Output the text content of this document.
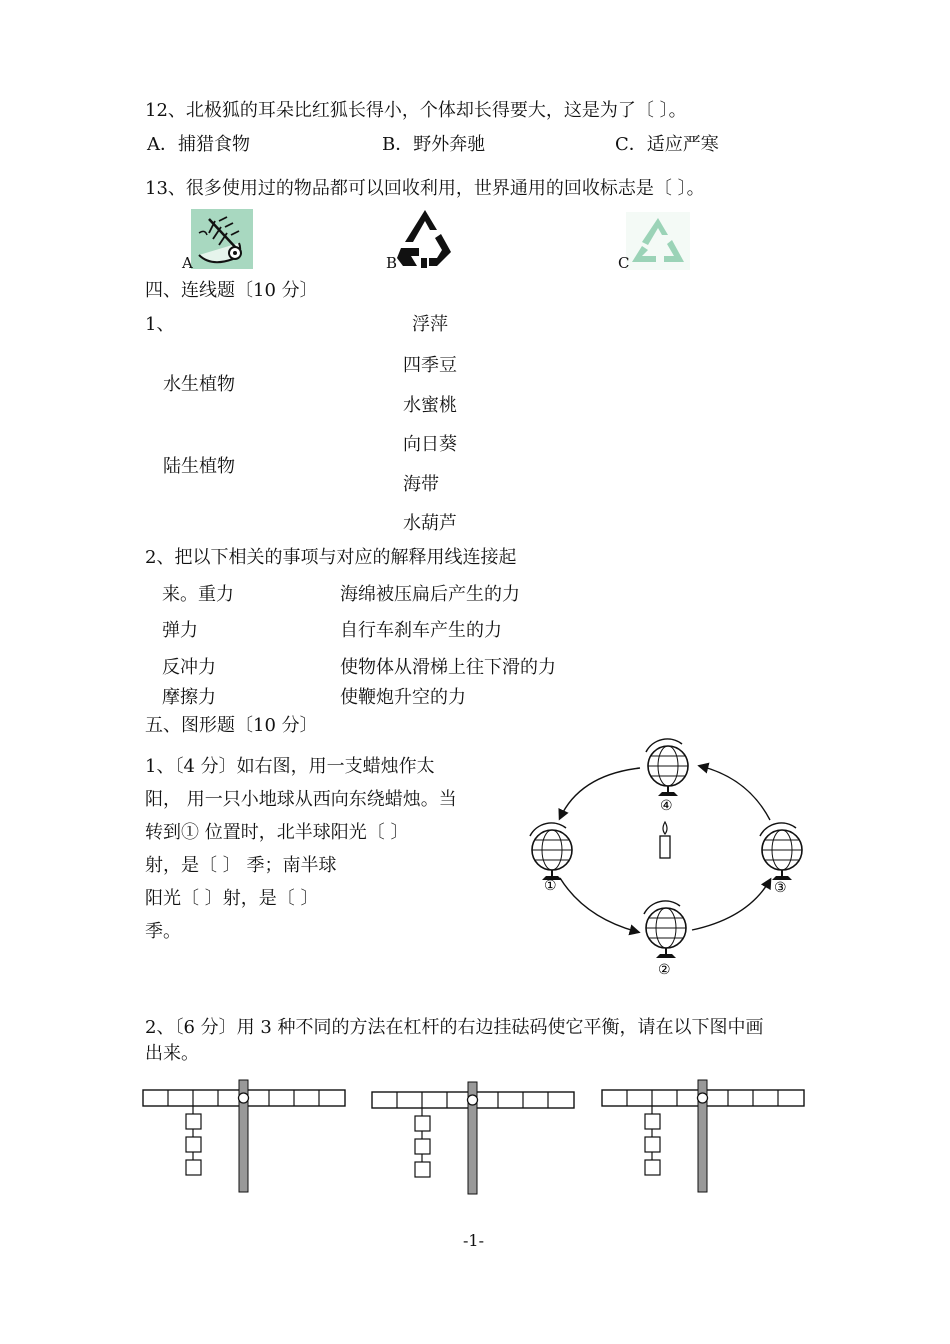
12、北极狐的耳朵比红狐长得小，个体却长得要大，这是为了〔 〕。
A．捕猎食物	B．野外奔驰	C．适应严寒
13、很多使用过的物品都可以回收利用，世界通用的回收标志是〔 〕。
A	B	C
四、连线题〔10 分〕
1、
水生植物
陆生植物
浮萍
四季豆
水蜜桃
向日葵
海带
水葫芦
2、把以下相关的事项与对应的解释用线连接起
来。重力
弹力
反冲力
摩擦力
海绵被压扁后产生的力
自行车刹车产生的力
使物体从滑梯上往下滑的力
使鞭炮升空的力
五、图形题〔10 分〕
1、〔4 分〕如右图，用一支蜡烛作太
阳， 用一只小地球从西向东绕蜡烛。当
转到① 位置时，北半球阳光〔 〕
射，是〔 〕 季；南半球
阳光〔 〕射，是〔 〕
季。
①
②
③
④
2、〔6 分〕用 3 种不同的方法在杠杆的右边挂砝码使它平衡，请在以下图中画
出来。
-1-
